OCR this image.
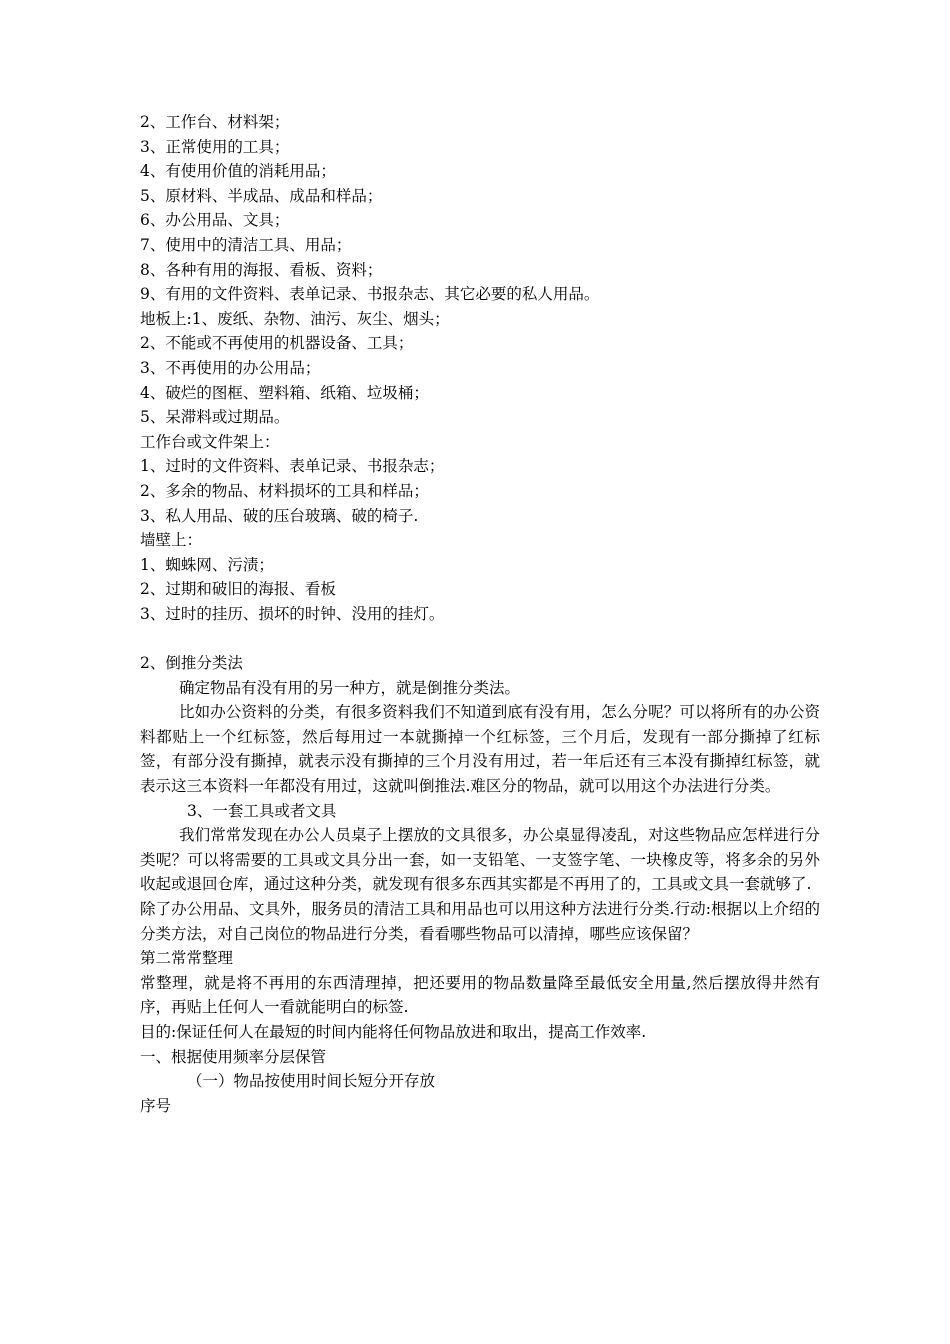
2、工作台、材料架；
3、正常使用的工具；
4、有使用价值的消耗用品；
5、原材料、半成品、成品和样品；
6、办公用品、文具；
7、使用中的清洁工具、用品；
8、各种有用的海报、看板、资料；
9、有用的文件资料、表单记录、书报杂志、其它必要的私人用品。
地板上:1、废纸、杂物、油污、灰尘、烟头；
2、不能或不再使用的机器设备、工具；
3、不再使用的办公用品；
4、破烂的图框、塑料箱、纸箱、垃圾桶；
5、呆滞料或过期品。
工作台或文件架上：
1、过时的文件资料、表单记录、书报杂志；
2、多余的物品、材料损坏的工具和样品；
3、私人用品、破的压台玻璃、破的椅子.
墙壁上：
1、蜘蛛网、污渍；
2、过期和破旧的海报、看板
3、过时的挂历、损坏的时钟、没用的挂灯。
2、倒推分类法
确定物品有没有用的另一种方，就是倒推分类法。

比如办公资料的分类，有很多资料我们不知道到底有没有用，怎么分呢？可以将所有的办公资料都贴上一个红标签，然后每用过一本就撕掉一个红标签，三个月后，发现有一部分撕掉了红标签，有部分没有撕掉，就表示没有撕掉的三个月没有用过，若一年后还有三本没有撕掉红标签，就表示这三本资料一年都没有用过，这就叫倒推法.难区分的物品，就可以用这个办法进行分类。

3、一套工具或者文具

我们常常发现在办公人员桌子上摆放的文具很多，办公桌显得凌乱，对这些物品应怎样进行分类呢？可以将需要的工具或文具分出一套，如一支铅笔、一支签字笔、一块橡皮等，将多余的另外收起或退回仓库，通过这种分类，就发现有很多东西其实都是不再用了的，工具或文具一套就够了.

除了办公用品、文具外，服务员的清洁工具和用品也可以用这种方法进行分类.行动:根据以上介绍的分类方法，对自己岗位的物品进行分类，看看哪些物品可以清掉，哪些应该保留？

第二常常整理

常整理，就是将不再用的东西清理掉，把还要用的物品数量降至最低安全用量,然后摆放得井然有序，再贴上任何人一看就能明白的标签.

目的:保证任何人在最短的时间内能将任何物品放进和取出，提高工作效率.
一、根据使用频率分层保管
（一）物品按使用时间长短分开存放
序号
